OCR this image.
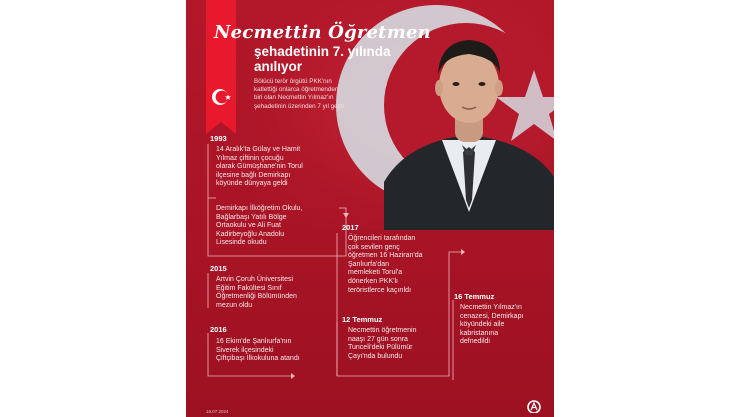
Necmettin Öğretmen
şehadetinin 7. yılında
anılıyor
Bölücü terör örgütü PKK'nın
katlettiği onlarca öğretmenden
biri olan Necmettin Yılmaz'ın
şehadetinin üzerinden 7 yıl geçti
1993
14 Aralık'ta Gülay ve Hamit
Yılmaz çiftinin çocuğu
olarak Gümüşhane'nin Torul
ilçesine bağlı Demirkapı
köyünde dünyaya geldi
Demirkapı İlköğretim Okulu,
Bağlarbaşı Yatılı Bölge
Ortaokulu ve Ali Fuat
Kadirbeyoğlu Anadolu
Lisesinde okudu
2015
Artvin Çoruh Üniversitesi
Eğitim Fakültesi Sınıf
Öğretmenliği Bölümünden
mezun oldu
2016
16 Ekim'de Şanlıurfa'nın
Siverek ilçesindeki
Çiftçibaşı İlkokuluna atandı
2017
Öğrencileri tarafından
çok sevilen genç
öğretmen 16 Haziran'da
Şanlıurfa'dan
memleketi Torul'a
dönerken PKK'lı
teröristlerce kaçırıldı
12 Temmuz
Necmettin öğretmenin
naaşı 27 gün sonra
Tunceli'deki Pülümür
Çayı'nda bulundu
16 Temmuz
Necmettin Yılmaz'ın
cenazesi, Demirkapı
köyündeki aile
kabristanına
defnedildi
15.07.2024
